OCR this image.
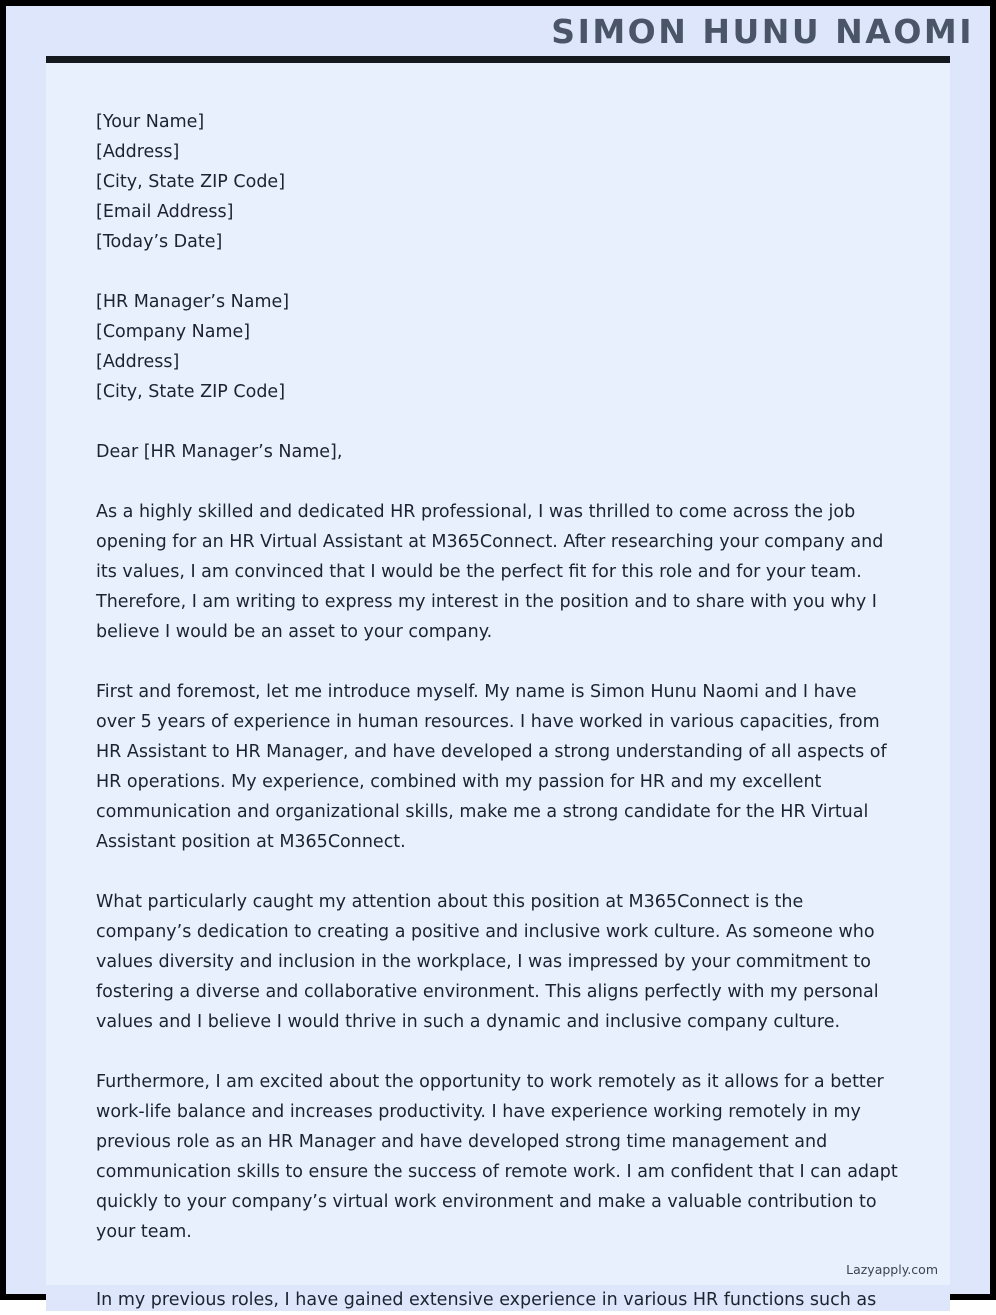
SIMON HUNU NAOMI
[Your Name]
[Address]
[City, State ZIP Code]
[Email Address]
[Today’s Date]
[HR Manager’s Name]
[Company Name]
[Address]
[City, State ZIP Code]
Dear [HR Manager’s Name],

As a highly skilled and dedicated HR professional, I was thrilled to come across the job opening for an HR Virtual Assistant at M365Connect. After researching your company and its values, I am convinced that I would be the perfect fit for this role and for your team. Therefore, I am writing to express my interest in the position and to share with you why I believe I would be an asset to your company.

First and foremost, let me introduce myself. My name is Simon Hunu Naomi and I have over 5 years of experience in human resources. I have worked in various capacities, from HR Assistant to HR Manager, and have developed a strong understanding of all aspects of HR operations. My experience, combined with my passion for HR and my excellent communication and organizational skills, make me a strong candidate for the HR Virtual Assistant position at M365Connect.

What particularly caught my attention about this position at M365Connect is the company’s dedication to creating a positive and inclusive work culture. As someone who values diversity and inclusion in the workplace, I was impressed by your commitment to fostering a diverse and collaborative environment. This aligns perfectly with my personal values and I believe I would thrive in such a dynamic and inclusive company culture.

Furthermore, I am excited about the opportunity to work remotely as it allows for a better work-life balance and increases productivity. I have experience working remotely in my previous role as an HR Manager and have developed strong time management and communication skills to ensure the success of remote work. I am confident that I can adapt quickly to your company’s virtual work environment and make a valuable contribution to your team.

Lazyapply.com

In my previous roles, I have gained extensive experience in various HR functions such as
